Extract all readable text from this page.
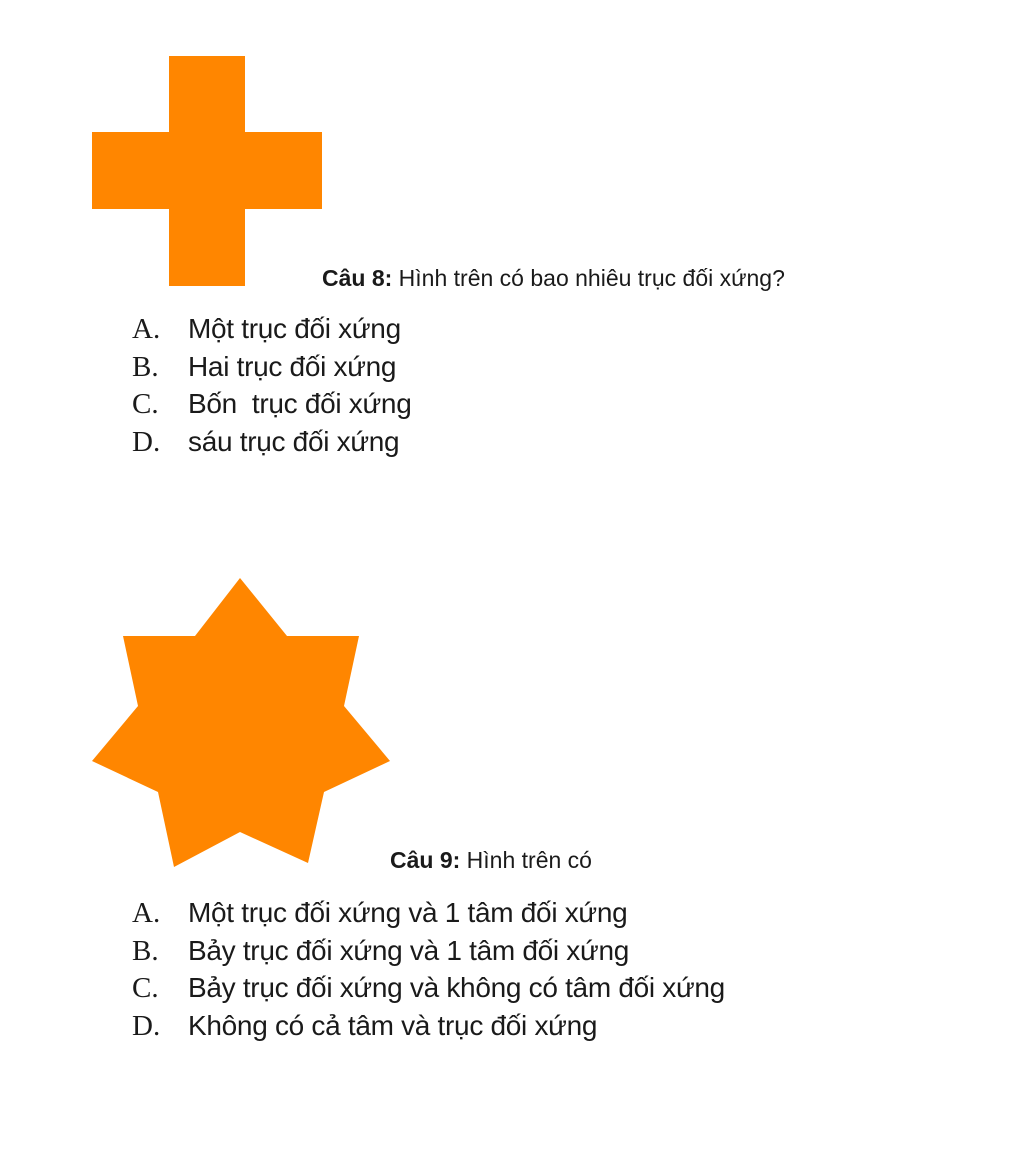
Câu 8: Hình trên có bao nhiêu trục đối xứng?
A. Một trục đối xứng
B. Hai trục đối xứng
C. Bốn  trục đối xứng
D. sáu trục đối xứng
Câu 9: Hình trên có
A. Một trục đối xứng và 1 tâm đối xứng
B. Bảy trục đối xứng và 1 tâm đối xứng
C. Bảy trục đối xứng và không có tâm đối xứng
D. Không có cả tâm và trục đối xứng
